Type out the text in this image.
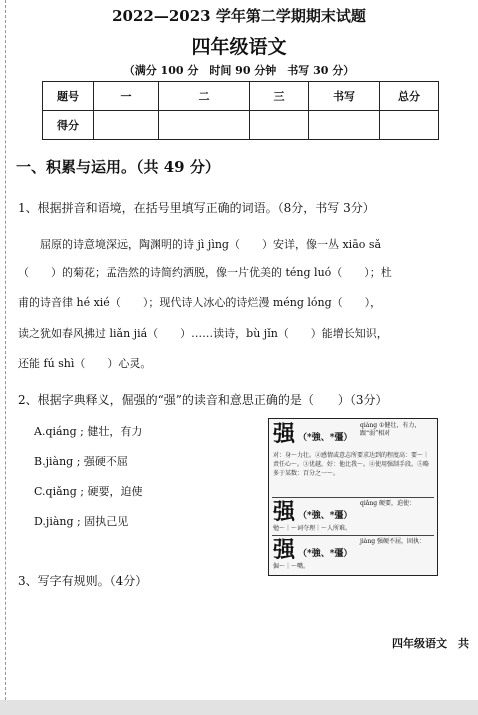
2022—2023 学年第二学期期末试题
四年级语文
（满分 100 分　时间 90 分钟　书写 30 分）
题号	一	二	三	书写	总分
得分					
一、积累与运用。（共 49 分）
1、根据拼音和语境，在括号里填写正确的词语。（8分，书写 3分）
　　屈原的诗意境深远，陶渊明的诗 jì jìng（　　）安详，像一丛 xiāo sǎ
（　　）的菊花；孟浩然的诗简约洒脱，像一片优美的 téng luó（　　）；杜
甫的诗音律 hé xié（　　）；现代诗人冰心的诗烂漫 méng lóng（　　），
读之犹如春风拂过 liǎn jiá（　　）……读诗，bù jǐn（　　）能增长知识，
还能 fú shì（　　）心灵。
2、根据字典释义，倔强的“强”的读音和意思正确的是（　　）（3分）
A.qiáng ; 健壮，有力
B.jiàng ; 强硬不屈
C.qiǎng ; 硬要，迫使
D.jiàng ; 固执己见
强 （*強、*彊）
qiáng ①健壮，有力，跟“弱”相对
对：身～力壮。②感情或意志所要求达到的程度高：要～｜责任心～。③优越，好：他比我～。④使用强制手段。⑤略多于某数：百分之一～。
强 （*強、*彊）
qiǎng 硬要，迫使：
勉～｜～词夺理｜～人所难。
强 （*強、*彊）
jiàng 强硬不屈，固执：
倔～｜～嘴。
3、写字有规则。（4分）
四年级语文　共
